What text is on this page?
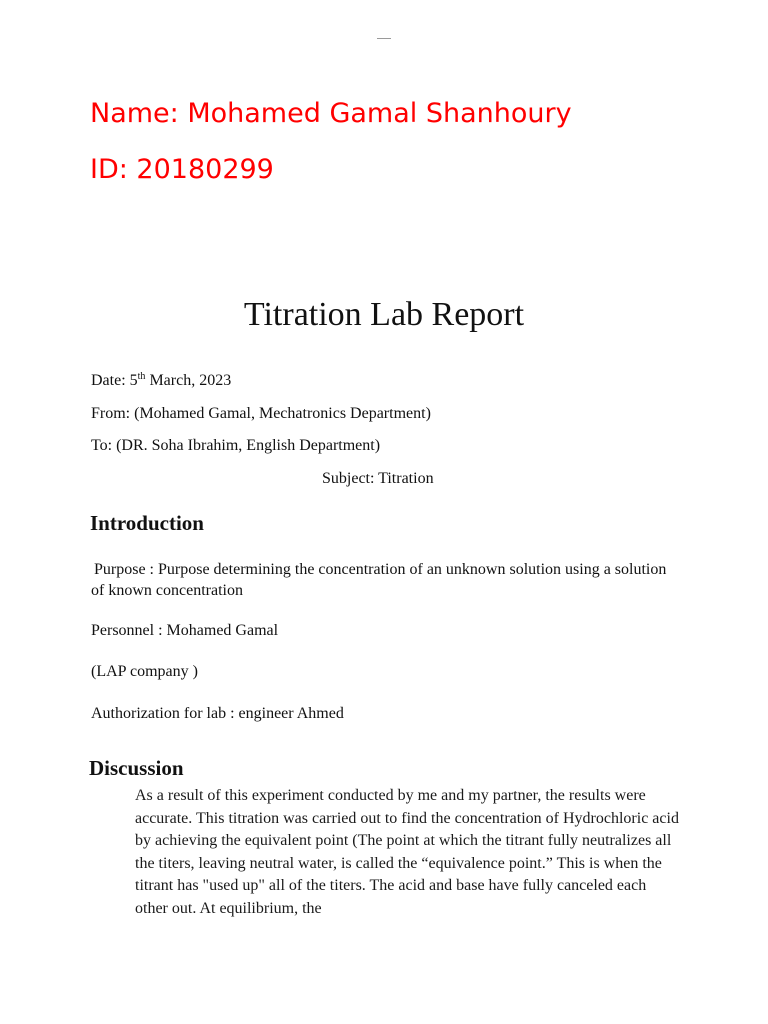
Name: Mohamed Gamal Shanhoury
ID: 20180299
Titration Lab Report
Date: 5th March, 2023
From: (Mohamed Gamal, Mechatronics Department)
To: (DR. Soha Ibrahim, English Department)
Subject: Titration
Introduction
Purpose : Purpose determining the concentration of an unknown solution using a solution of known concentration
Personnel : Mohamed Gamal
(LAP company )
Authorization for lab : engineer Ahmed
Discussion
As a result of this experiment conducted by me and my partner, the results were accurate. This titration was carried out to find the concentration of Hydrochloric acid by achieving the equivalent point (The point at which the titrant fully neutralizes all the titers, leaving neutral water, is called the “equivalence point.” This is when the titrant has "used up" all of the titers. The acid and base have fully canceled each other out. At equilibrium, the
